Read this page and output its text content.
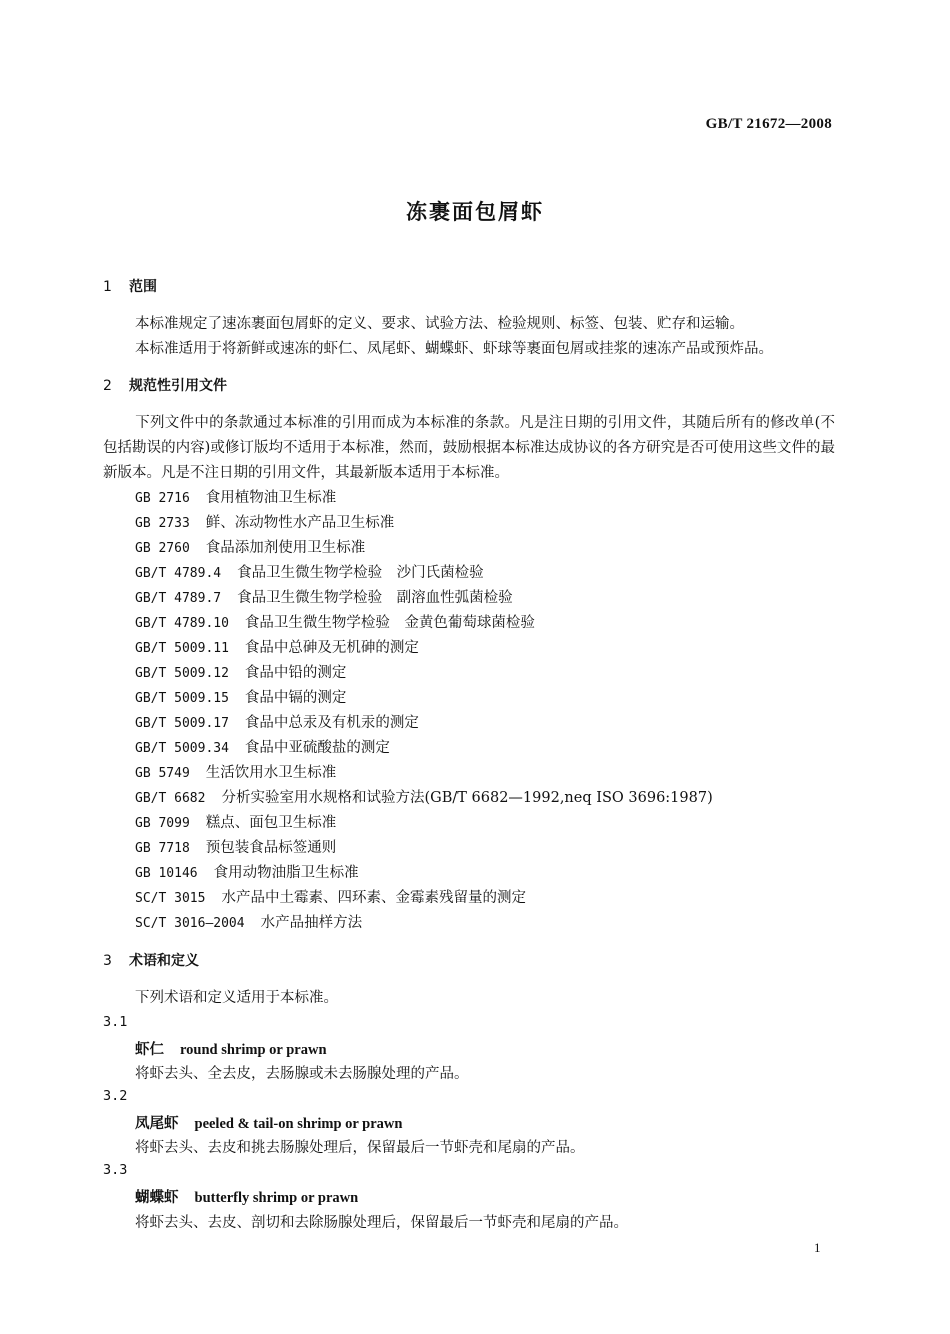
GB/T 21672—2008
冻裹面包屑虾
1 范围
本标准规定了速冻裹面包屑虾的定义、要求、试验方法、检验规则、标签、包装、贮存和运输。
本标准适用于将新鲜或速冻的虾仁、凤尾虾、蝴蝶虾、虾球等裹面包屑或挂浆的速冻产品或预炸品。
2 规范性引用文件
下列文件中的条款通过本标准的引用而成为本标准的条款。凡是注日期的引用文件，其随后所有的修改单(不包括勘误的内容)或修订版均不适用于本标准，然而，鼓励根据本标准达成协议的各方研究是否可使用这些文件的最新版本。凡是不注日期的引用文件，其最新版本适用于本标准。
GB 2716 食用植物油卫生标准
GB 2733 鲜、冻动物性水产品卫生标准
GB 2760 食品添加剂使用卫生标准
GB/T 4789.4 食品卫生微生物学检验　沙门氏菌检验
GB/T 4789.7 食品卫生微生物学检验　副溶血性弧菌检验
GB/T 4789.10 食品卫生微生物学检验　金黄色葡萄球菌检验
GB/T 5009.11 食品中总砷及无机砷的测定
GB/T 5009.12 食品中铅的测定
GB/T 5009.15 食品中镉的测定
GB/T 5009.17 食品中总汞及有机汞的测定
GB/T 5009.34 食品中亚硫酸盐的测定
GB 5749 生活饮用水卫生标准
GB/T 6682 分析实验室用水规格和试验方法(GB/T 6682—1992,neq ISO 3696:1987)
GB 7099 糕点、面包卫生标准
GB 7718 预包装食品标签通则
GB 10146 食用动物油脂卫生标准
SC/T 3015 水产品中土霉素、四环素、金霉素残留量的测定
SC/T 3016—2004 水产品抽样方法
3 术语和定义
下列术语和定义适用于本标准。
3.1
虾仁 round shrimp or prawn
将虾去头、全去皮，去肠腺或未去肠腺处理的产品。
3.2
凤尾虾 peeled & tail-on shrimp or prawn
将虾去头、去皮和挑去肠腺处理后，保留最后一节虾壳和尾扇的产品。
3.3
蝴蝶虾 butterfly shrimp or prawn
将虾去头、去皮、剖切和去除肠腺处理后，保留最后一节虾壳和尾扇的产品。
1
